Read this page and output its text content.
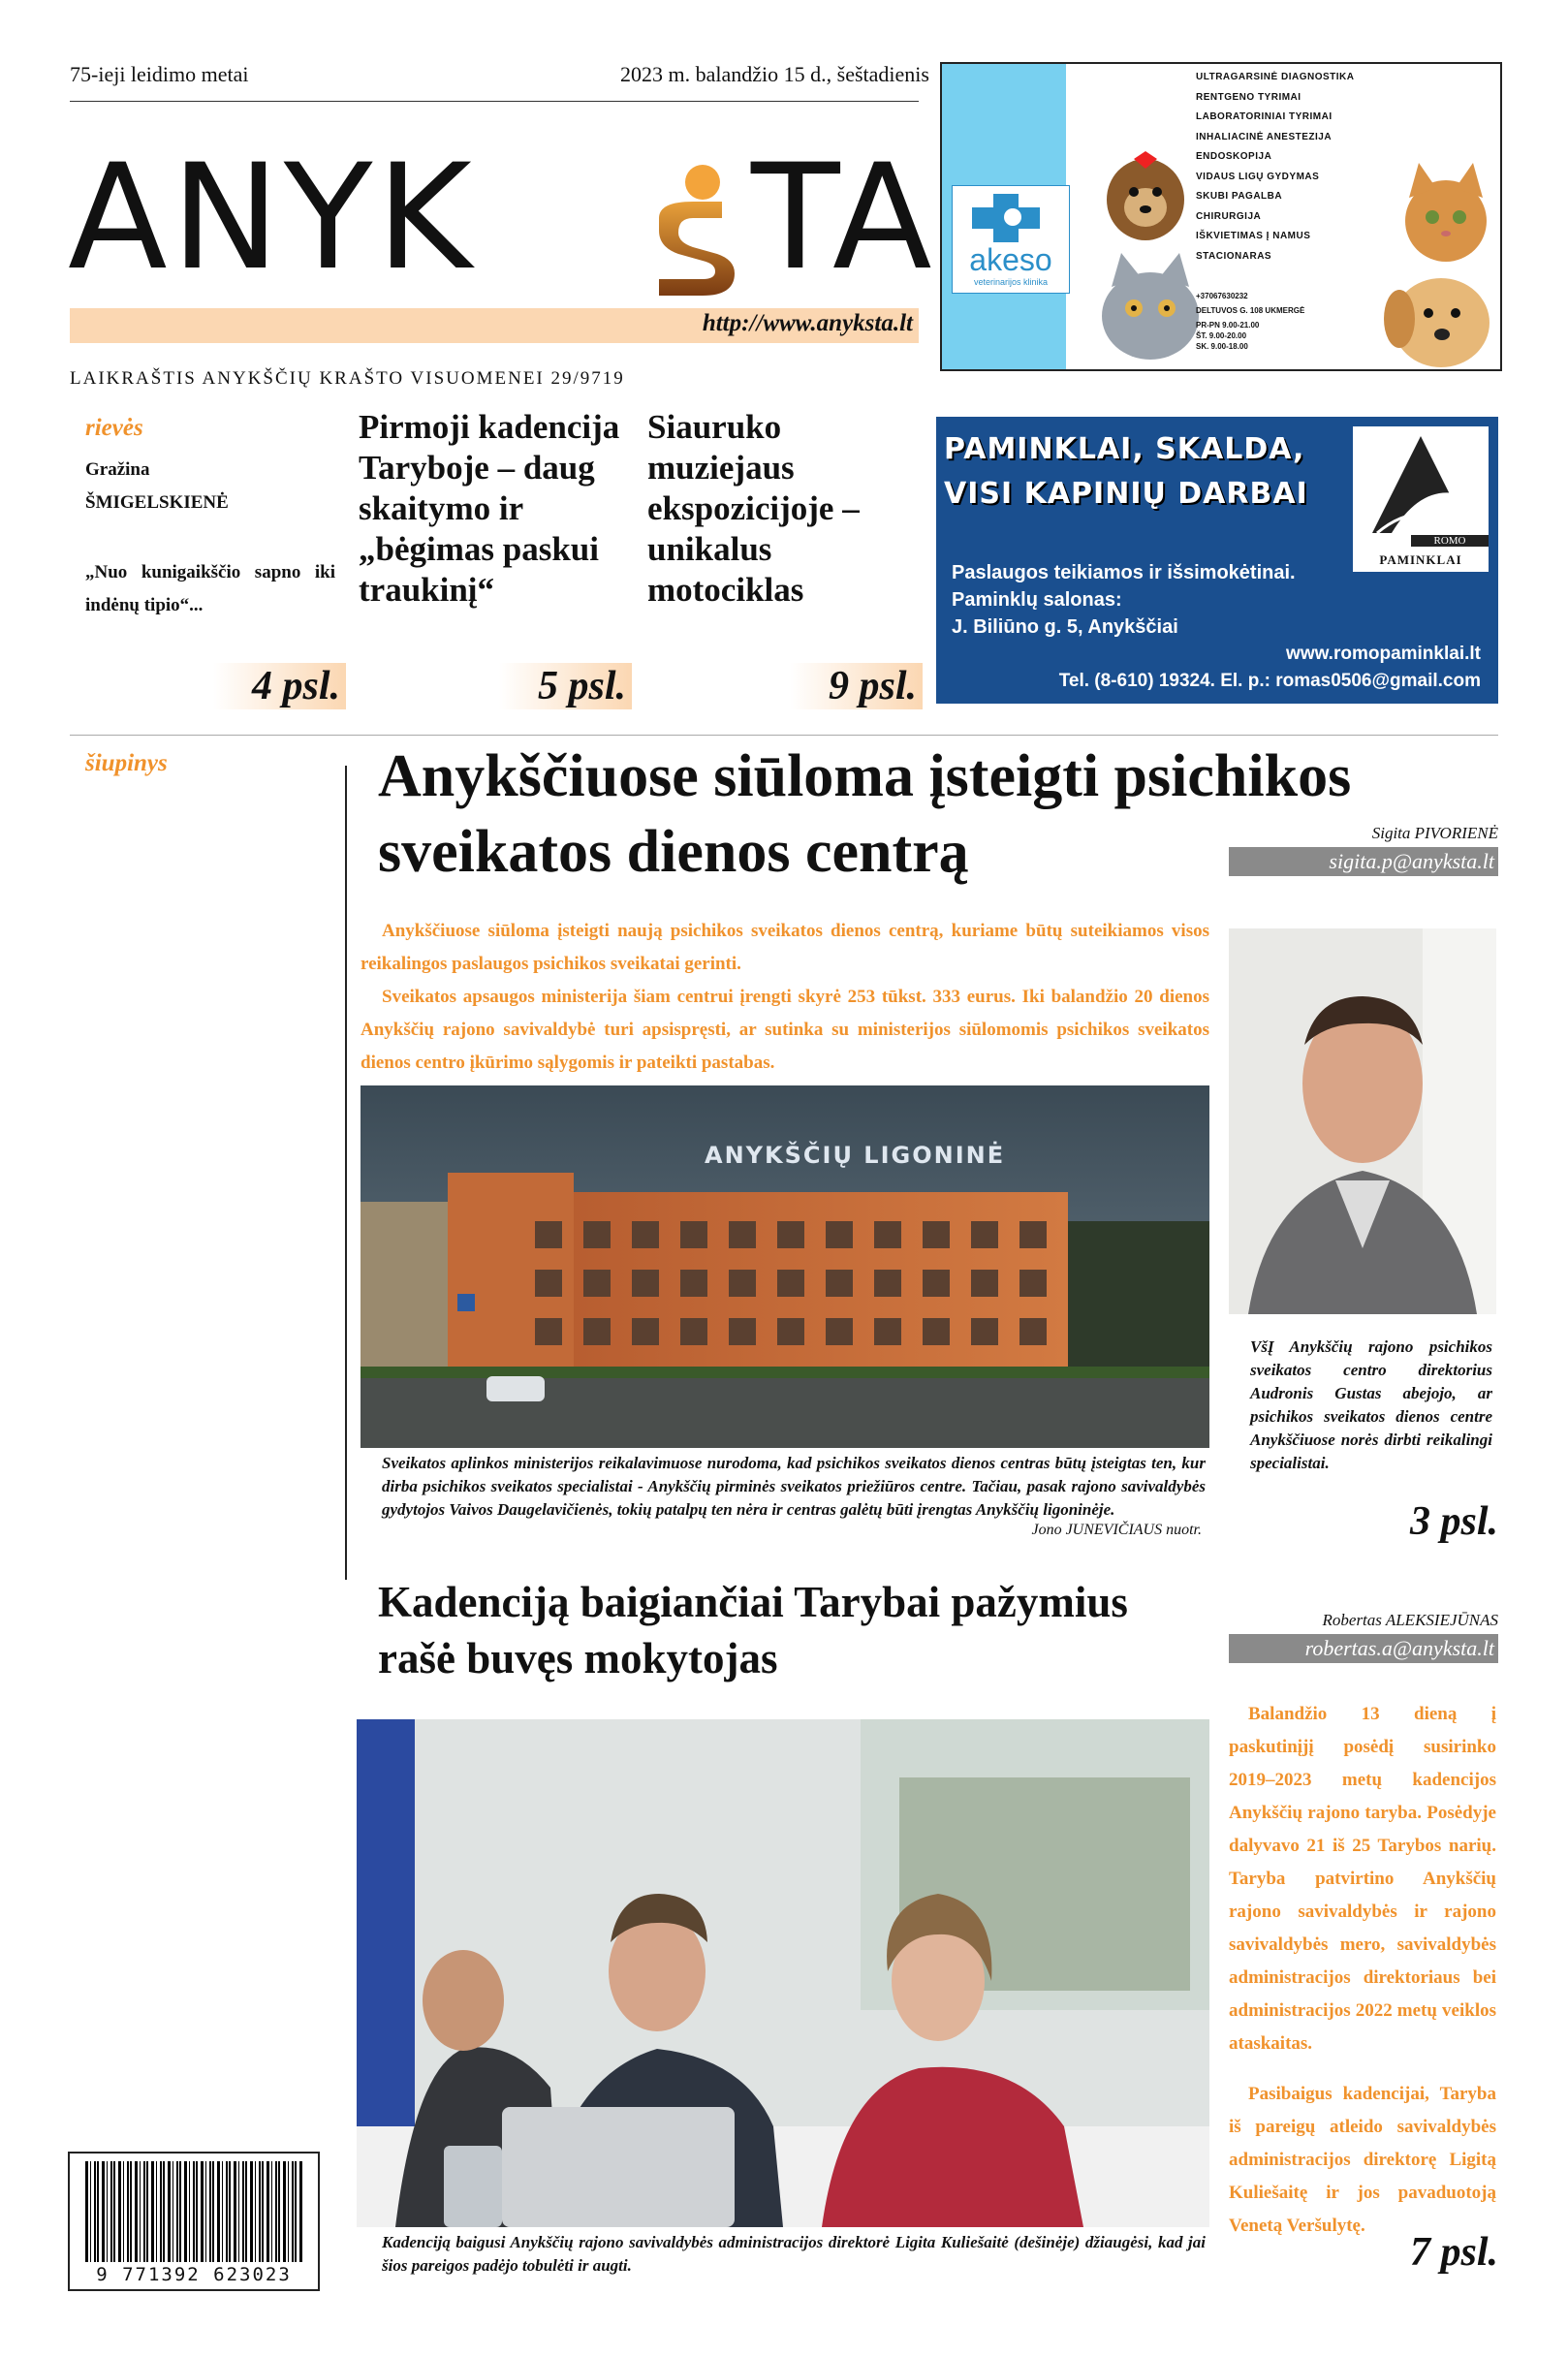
75-ieji leidimo metai	2023 m. balandžio 15 d., šeštadienis
ANYK TA
http://www.anyksta.lt
LAIKRAŠTIS ANYKŠČIŲ KRAŠTO VISUOMENEI 29/9719
akeso
veterinarijos klinika
ULTRAGARSINĖ DIAGNOSTIKA
RENTGENO TYRIMAI
LABORATORINIAI TYRIMAI
INHALIACINĖ ANESTEZIJA
ENDOSKOPIJA
VIDAUS LIGŲ GYDYMAS
SKUBI PAGALBA
CHIRURGIJA
IŠKVIETIMAS Į NAMUS
STACIONARAS
+37067630232
DELTUVOS G. 108 UKMERGĖ
PR-PN 9.00-21.00
ŠT. 9.00-20.00
SK. 9.00-18.00
rievės
Gražina
ŠMIGELSKIENĖ
„Nuo kunigaikščio sapno iki indėnų tipio“...
4 psl.
Pirmoji kadencija Taryboje – daug skaitymo ir „bėgimas paskui traukinį“
5 psl.
Siauruko muziejaus ekspozicijoje – unikalus motociklas
9 psl.
PAMINKLAI, SKALDA,
VISI KAPINIŲ DARBAI
ROMO
PAMINKLAI
Paslaugos teikiamos ir išsimokėtinai.
Paminklų salonas:
J. Biliūno g. 5, Anykščiai
www.romopaminklai.lt
Tel. (8-610) 19324. El. p.: romas0506@gmail.com
šiupinys	Anykščiuose siūloma įsteigti psichikos sveikatos dienos centrą	Sigita PIVORIENĖ
sigita.p@anyksta.lt
Anykščiuose siūloma įsteigti naują psichikos sveikatos dienos centrą, kuriame būtų suteikiamos visos reikalingos paslaugos psichikos sveikatai gerinti.
Sveikatos apsaugos ministerija šiam centrui įrengti skyrė 253 tūkst. 333 eurus. Iki balandžio 20 dienos Anykščių rajono savivaldybė turi apsispręsti, ar sutinka su ministerijos siūlomomis psichikos sveikatos dienos centro įkūrimo sąlygomis ir pateikti pastabas.
ANYKŠČIŲ LIGONINĖ
Sveikatos aplinkos ministerijos reikalavimuose nurodoma, kad psichikos sveikatos dienos centras būtų įsteigtas ten, kur dirba psichikos sveikatos specialistai - Anykščių pirminės sveikatos priežiūros centre. Tačiau, pasak rajono savivaldybės gydytojos Vaivos Daugelavičienės, tokių patalpų ten nėra ir centras galėtų būti įrengtas Anykščių ligoninėje.
Jono JUNEVIČIAUS nuotr.
VšĮ Anykščių rajono psichikos sveikatos centro direktorius Audronis Gustas abejojo, ar psichikos sveikatos dienos centre Anykščiuose norės dirbti reikalingi specialistai.
3 psl.
Kadenciją baigiančiai Tarybai pažymius rašė buvęs mokytojas
Robertas ALEKSIEJŪNAS
robertas.a@anyksta.lt
Kadenciją baigusi Anykščių rajono savivaldybės administracijos direktorė Ligita Kuliešaitė (dešinėje) džiaugėsi, kad jai šios pareigos padėjo tobulėti ir augti.
Balandžio 13 dieną į paskutinįjį posėdį susirinko 2019–2023 metų kadencijos Anykščių rajono taryba. Posėdyje dalyvavo 21 iš 25 Tarybos narių. Taryba patvirtino Anykščių rajono savivaldybės ir rajono savivaldybės mero, savivaldybės administracijos direktoriaus bei administracijos 2022 metų veiklos ataskaitas.
Pasibaigus kadencijai, Taryba iš pareigų atleido savivaldybės administracijos direktorę Ligitą Kuliešaitę ir jos pavaduotoją Venetą Veršulytę.
7 psl.
9 771392 623023
